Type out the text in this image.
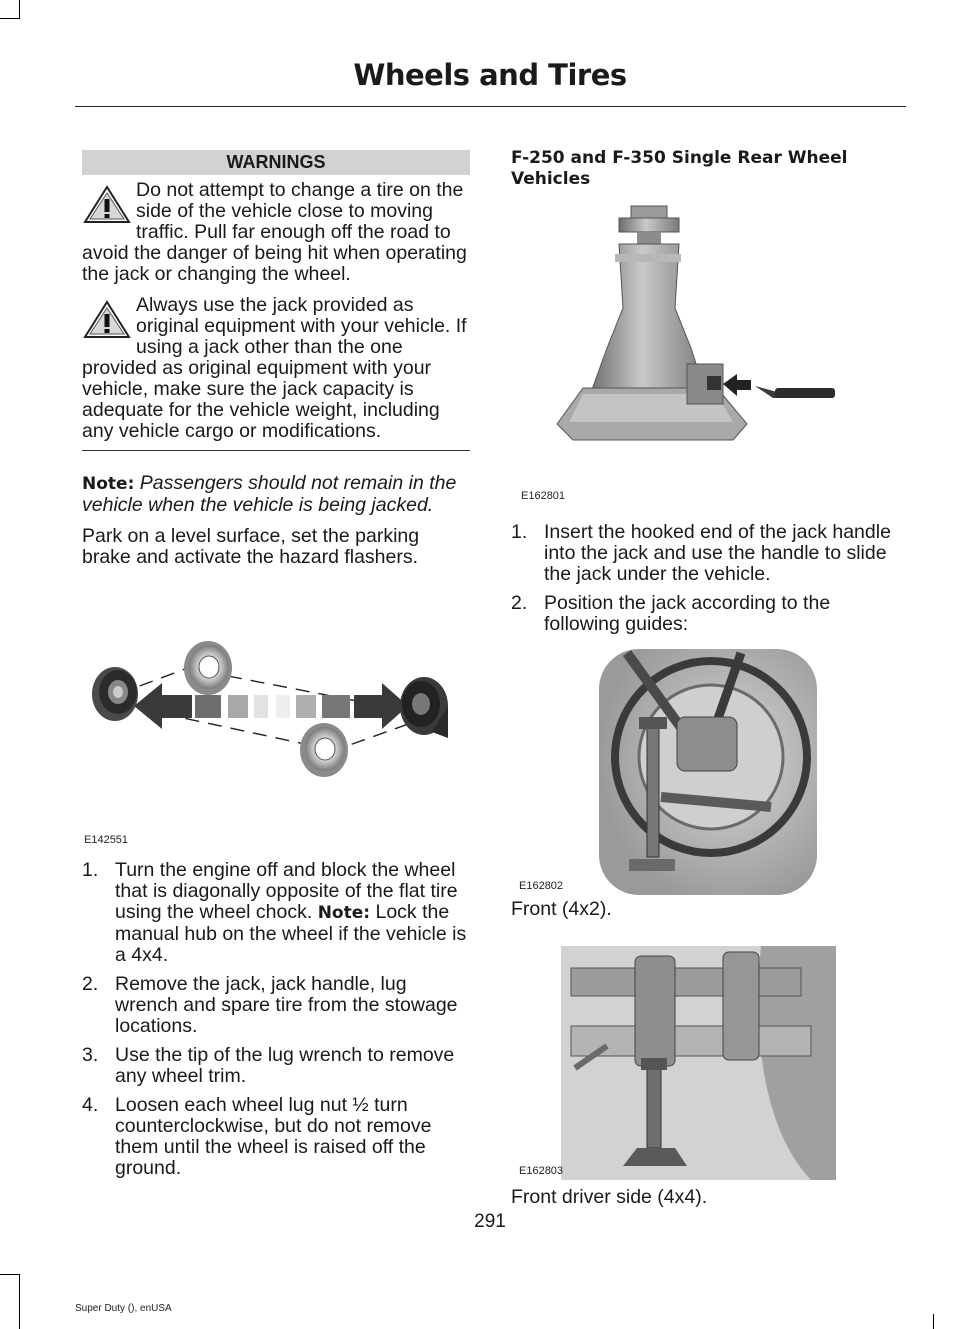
Wheels and Tires
WARNINGS
Do not attempt to change a tire on the side of the vehicle close to moving traffic. Pull far enough off the road to avoid the danger of being hit when operating the jack or changing the wheel.
Always use the jack provided as original equipment with your vehicle. If using a jack other than the one provided as original equipment with your vehicle, make sure the jack capacity is adequate for the vehicle weight, including any vehicle cargo or modifications.

Note: Passengers should not remain in the vehicle when the vehicle is being jacked.

Park on a level surface, set the parking brake and activate the hazard flashers.

E142551
1. Turn the engine off and block the wheel that is diagonally opposite of the flat tire using the wheel chock. Note: Lock the manual hub on the wheel if the vehicle is a 4x4.
2. Remove the jack, jack handle, lug wrench and spare tire from the stowage locations.
3. Use the tip of the lug wrench to remove any wheel trim.
4. Loosen each wheel lug nut ½ turn counterclockwise, but do not remove them until the wheel is raised off the ground.

F-250 and F-350 Single Rear Wheel Vehicles

E162801
1. Insert the hooked end of the jack handle into the jack and use the handle to slide the jack under the vehicle.
2. Position the jack according to the following guides:
E162802
Front (4x2).
E162803
Front driver side (4x4).
291
Super Duty (), enUSA
